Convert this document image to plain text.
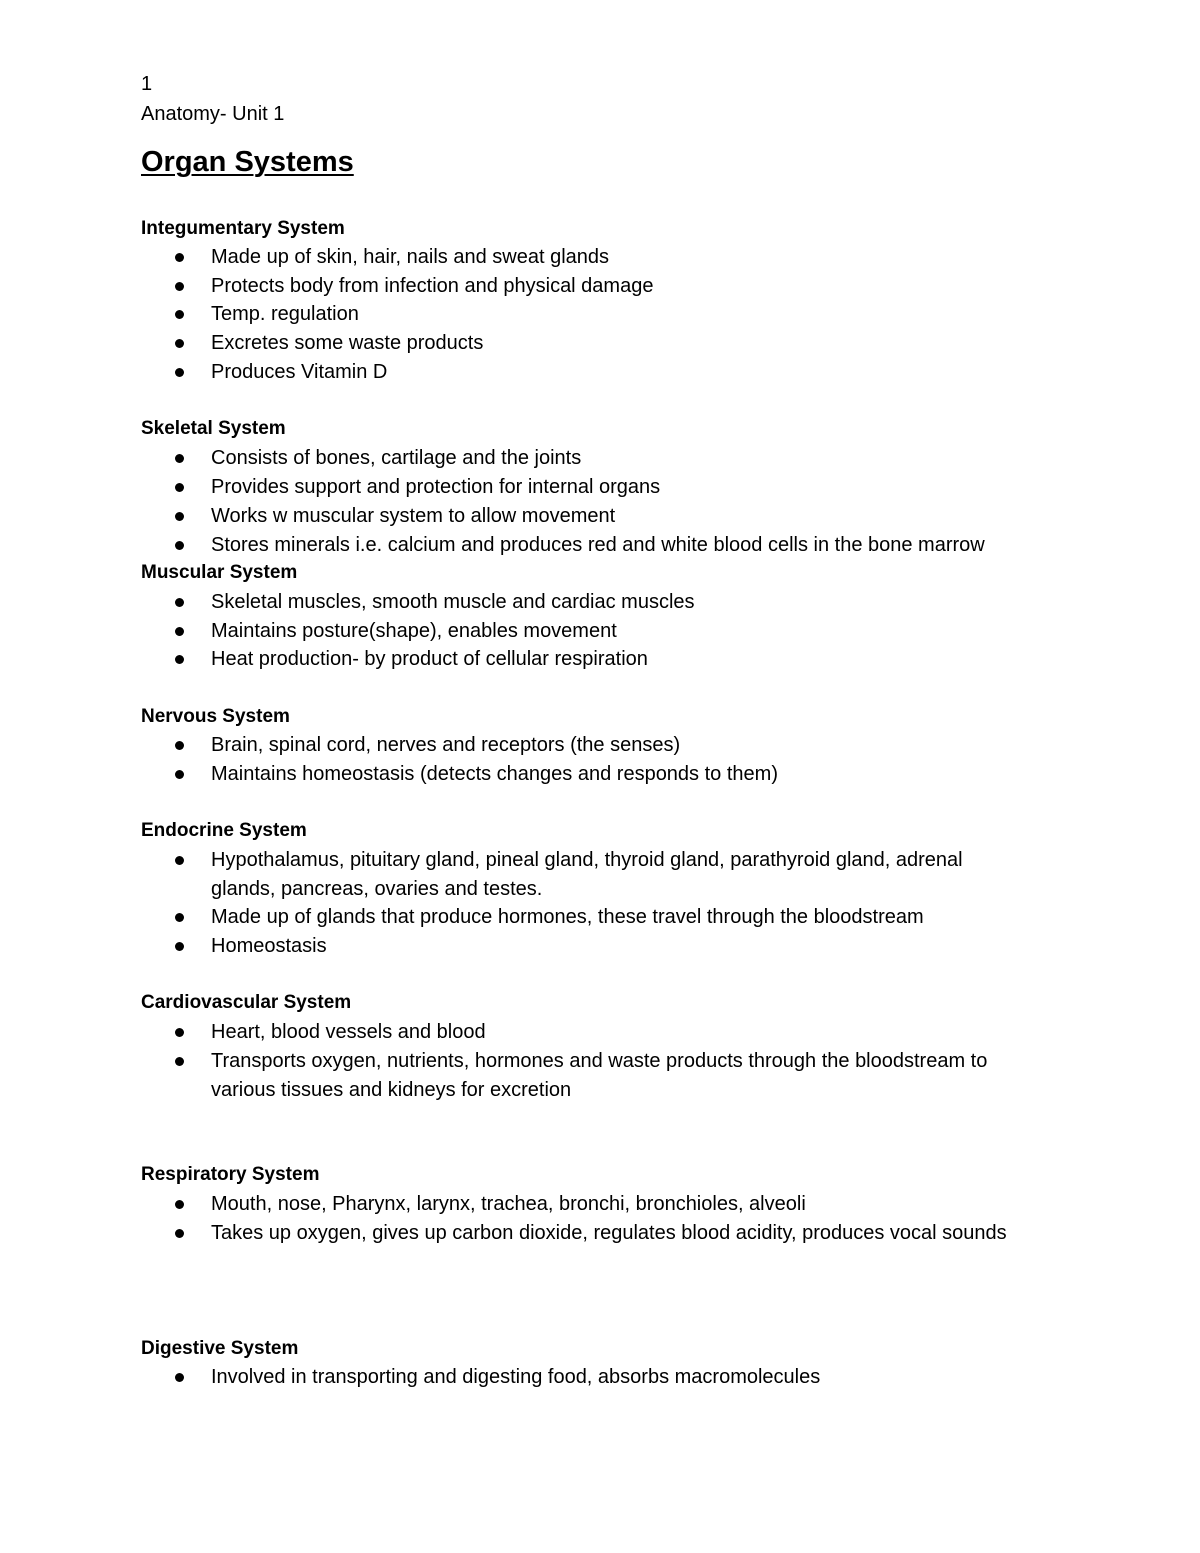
1
Anatomy- Unit 1
Organ Systems
Integumentary System
Made up of skin, hair, nails and sweat glands
Protects body from infection and physical damage
Temp. regulation
Excretes some waste products
Produces Vitamin D
Skeletal System
Consists of bones, cartilage and the joints
Provides support and protection for internal organs
Works w muscular system to allow movement
Stores minerals i.e. calcium and produces red and white blood cells in the bone marrow
Muscular System
Skeletal muscles, smooth muscle and cardiac muscles
Maintains posture(shape), enables movement
Heat production- by product of cellular respiration
Nervous System
Brain, spinal cord, nerves and receptors (the senses)
Maintains homeostasis (detects changes and responds to them)
Endocrine System
Hypothalamus, pituitary gland, pineal gland, thyroid gland, parathyroid gland, adrenal
glands, pancreas, ovaries and testes.
Made up of glands that produce hormones, these travel through the bloodstream
Homeostasis
Cardiovascular System
Heart, blood vessels and blood
Transports oxygen, nutrients, hormones and waste products through the bloodstream to
various tissues and kidneys for excretion
Respiratory System
Mouth, nose, Pharynx, larynx, trachea, bronchi, bronchioles, alveoli
Takes up oxygen, gives up carbon dioxide, regulates blood acidity, produces vocal sounds
Digestive System
Involved in transporting and digesting food, absorbs macromolecules
